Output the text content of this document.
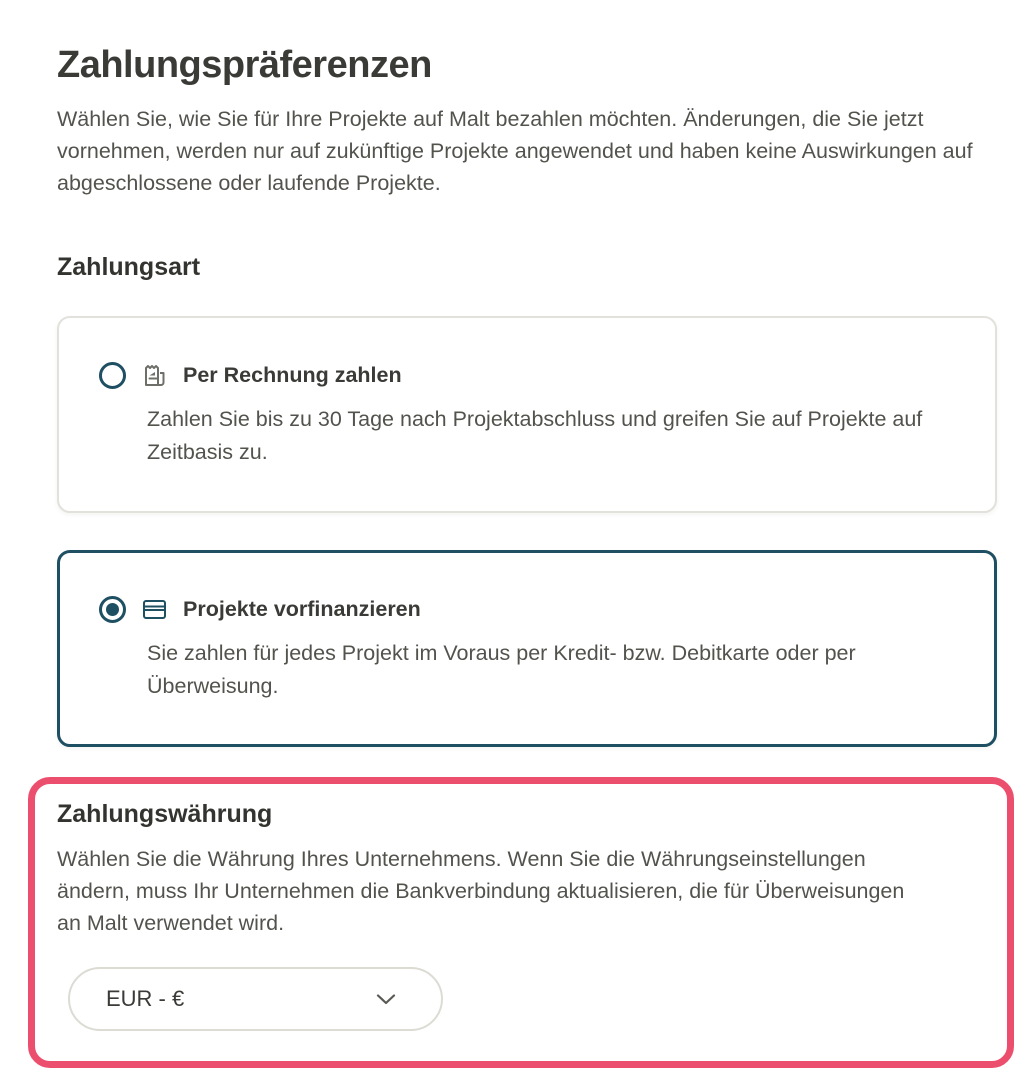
Zahlungspräferenzen

Wählen Sie, wie Sie für Ihre Projekte auf Malt bezahlen möchten. Änderungen, die Sie jetzt vornehmen, werden nur auf zukünftige Projekte angewendet und haben keine Auswirkungen auf abgeschlossene oder laufende Projekte.

Zahlungsart
Per Rechnung zahlen

Zahlen Sie bis zu 30 Tage nach Projektabschluss und greifen Sie auf Projekte auf Zeitbasis zu.

Projekte vorfinanzieren

Sie zahlen für jedes Projekt im Voraus per Kredit- bzw. Debitkarte oder per Überweisung.

Zahlungswährung

Wählen Sie die Währung Ihres Unternehmens. Wenn Sie die Währungseinstellungen ändern, muss Ihr Unternehmen die Bankverbindung aktualisieren, die für Überweisungen an Malt verwendet wird.

EUR - €
